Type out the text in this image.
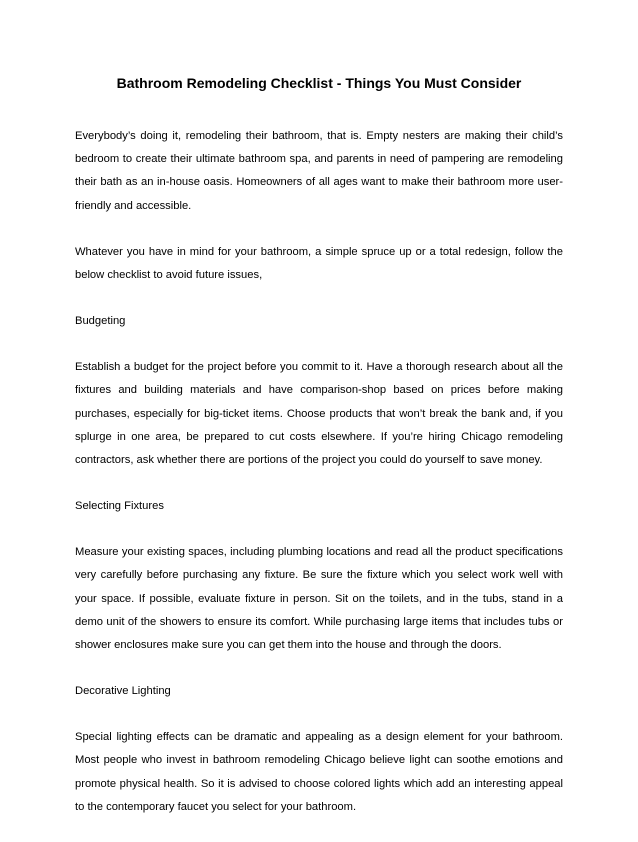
Bathroom Remodeling Checklist - Things You Must Consider

Everybody’s doing it, remodeling their bathroom, that is. Empty nesters are making their child’s bedroom to create their ultimate bathroom spa, and parents in need of pampering are remodeling their bath as an in-house oasis. Homeowners of all ages want to make their bathroom more user-friendly and accessible.

Whatever you have in mind for your bathroom, a simple spruce up or a total redesign, follow the below checklist to avoid future issues,

Budgeting

Establish a budget for the project before you commit to it. Have a thorough research about all the fixtures and building materials and have comparison-shop based on prices before making purchases, especially for big-ticket items. Choose products that won’t break the bank and, if you splurge in one area, be prepared to cut costs elsewhere. If you’re hiring Chicago remodeling contractors, ask whether there are portions of the project you could do yourself to save money.

Selecting Fixtures

Measure your existing spaces, including plumbing locations and read all the product specifications very carefully before purchasing any fixture. Be sure the fixture which you select work well with your space. If possible, evaluate fixture in person. Sit on the toilets, and in the tubs, stand in a demo unit of the showers to ensure its comfort. While purchasing large items that includes tubs or shower enclosures make sure you can get them into the house and through the doors.

Decorative Lighting

Special lighting effects can be dramatic and appealing as a design element for your bathroom. Most people who invest in bathroom remodeling Chicago believe light can soothe emotions and promote physical health. So it is advised to choose colored lights which add an interesting appeal to the contemporary faucet you select for your bathroom.
